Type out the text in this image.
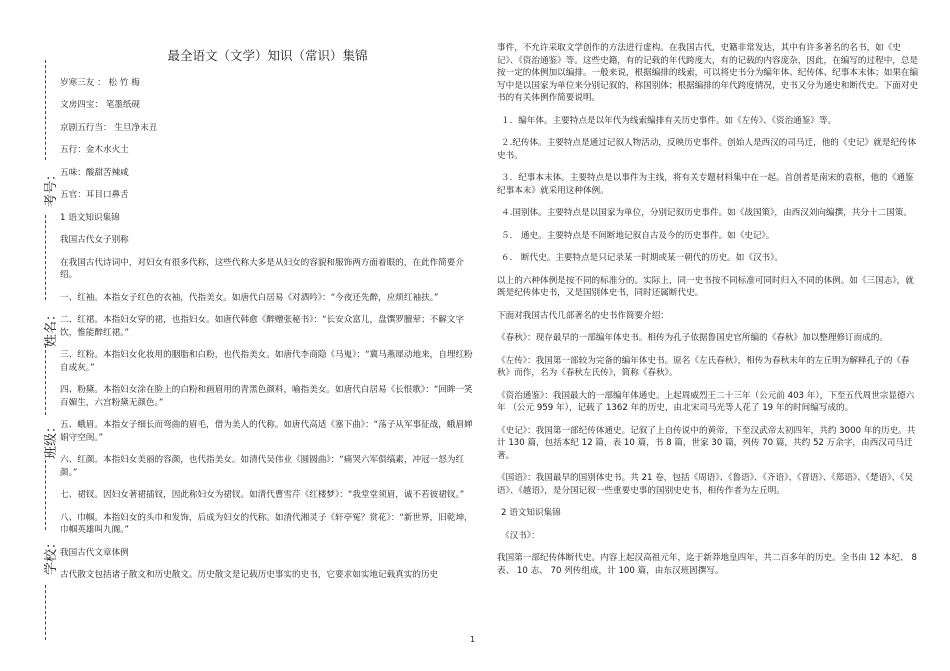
考号：
姓名：
班级：
学校：
最全语文（文学）知识（常识）集锦
岁寒三友 ： 松 竹 梅
文房四宝： 笔墨纸砚
京剧五行当： 生旦净末丑
五行：金木水火土
五味：酸甜苦辣咸
五官：耳目口鼻舌
1 语文知识集锦
我国古代女子别称
在我国古代诗词中，对妇女有很多代称，这些代称大多是从妇女的容貌和服饰两方面着眼的，在此作简要介绍。
一、红袖。本指女子红色的衣袖，代指美女。如唐代白居易《对酒吟》：“今夜还先醉，应烦红袖扶。”
二、红裙。本指妇女穿的裙，也指妇女。如唐代韩愈《醉赠张秘书》：“长安众富儿，盘馔罗膻荤；不解文字饮，惟能醉红裙。”
三、红粉。本指妇女化妆用的胭脂和白粉，也代指美女。如唐代李商隐《马嵬》：“冀马燕犀动地来，自埋红粉自成灰。”
四、粉黛。本指妇女涂在脸上的白粉和画眉用的青黑色颜料，喻指美女。如唐代白居易《长恨歌》：“回眸一笑百媚生，六宫粉黛无颜色。”
五、蛾眉。本指女子细长而弯曲的眉毛，借为美人的代称。如唐代高适《塞下曲》：“荡子从军事征战，蛾眉婵娟守空闺。”
六、红颜。本指妇女美丽的容颜，也代指美女。如清代吴伟业《圆圆曲》：“痛哭六军俱缟素，冲冠一怒为红颜。”
七、裙钗。因妇女著裙插钗，因此称妇女为裙钗。如清代曹雪芹《红楼梦》：“我堂堂须眉，诚不若彼裙钗。”
八、巾帼。本指妇女的头巾和发饰，后成为妇女的代称。如清代湘灵子《轩亭冤？赏花》：“新世界，旧乾坤，巾帼英雄叫九阍。”
我国古代文章体例
古代散文包括诸子散文和历史散文。历史散文是记载历史事实的史书，它要求如实地记载真实的历史
事件，不允许采取文学创作的方法进行虚构。在我国古代，史籍非常发达，其中有许多著名的名书，如《史记》、《资治通鉴》等。这些史籍，有的记载的年代跨度大，有的记载的内容庞杂，因此，在编写的过程中，总是按一定的体例加以编排。一般来说，根据编排的线索，可以将史书分为编年体、纪传体、纪事本末体；如果在编写中是以国家为单位来分别记叙的，称国别体；根据编排的年代跨度情况，史书又分为通史和断代史。下面对史书的有关体例作简要说明。
１．编年体。主要特点是以年代为线索编排有关历史事件。如《左传》、《资治通鉴》等。
２.纪传体。主要特点是通过记叙人物活动，反映历史事件。创始人是西汉的司马迁，他的《史记》就是纪传体史书。
３．纪事本末体。主要特点是以事件为主线，将有关专题材料集中在一起。首创者是南宋的袁枢，他的《通鉴纪事本末》就采用这种体例。
４.国别体。主要特点是以国家为单位，分别记叙历史事件。如《战国策》，由西汉刘向编撰，共分十二国策。
５． 通史。主要特点是不间断地记叙自古及今的历史事件。如《史记》。
６． 断代史。主要特点是只记录某一时期或某一朝代的历史。如《汉书》。
以上的六种体例是按不同的标准分的。实际上，同一史书按不同标准可同时归入不同的体例。如《三国志》，就既是纪传体史书，又是国别体史书，同时还属断代史。
下面对我国古代几部著名的史书作简要介绍：
《春秋》：现存最早的一部编年体史书。相传为孔子依据鲁国史官所编的《春秋》加以整理修订而成的。
《左传》：我国第一部较为完备的编年体史书。原名《左氏春秋》，相传为春秋末年的左丘明为解释孔子的《春秋》而作，名为《春秋左氏传》，简称《春秋》。
《资治通鉴》：我国最大的一部编年体通史。上起周威烈王二十三年（公元前 403 年），下至五代周世宗显德六年 （公元 959 年），记载了 1362 年的历史，由北宋司马光等人花了 19 年的时间编写成的。
《史记》：我国第一部纪传体通史。记叙了上自传说中的黄帝，下至汉武帝太初四年，共约 3000 年的历史。共计 130 篇，包括本纪 12 篇，表 10 篇，书 8 篇，世家 30 篇，列传 70 篇，共约 52 万余字，由西汉司马迁著。
《国语》：我国最早的国别体史书。共 21 卷，包括《周语》、《鲁语》、《齐语》、《晋语》、《郑语》、《楚语》、《吴语》、《越语》，是分国记叙一些重要史事的国别史史书，相传作者为左丘明。
2 语文知识集锦
《汉书》：
我国第一部纪传体断代史。内容上起汉高祖元年，迄于新莽地皇四年，共二百多年的历史。全书由 12 本纪、 8 表、 10 志、 70 列传组成，计 100 篇，由东汉班固撰写。
1
